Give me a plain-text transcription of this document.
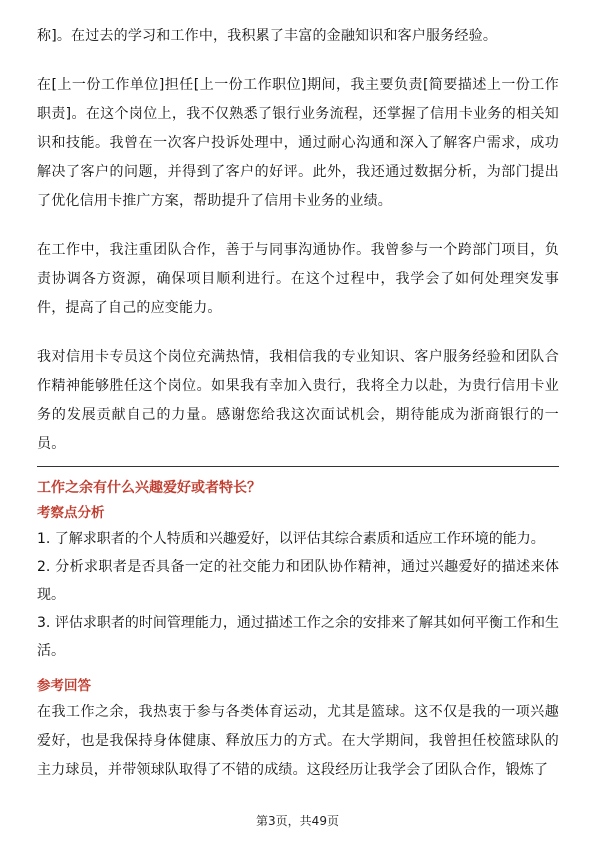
称]。在过去的学习和工作中，我积累了丰富的金融知识和客户服务经验。

在[上一份工作单位]担任[上一份工作职位]期间，我主要负责[简要描述上一份工作职责]。在这个岗位上，我不仅熟悉了银行业务流程，还掌握了信用卡业务的相关知识和技能。我曾在一次客户投诉处理中，通过耐心沟通和深入了解客户需求，成功解决了客户的问题，并得到了客户的好评。此外，我还通过数据分析，为部门提出了优化信用卡推广方案，帮助提升了信用卡业务的业绩。

在工作中，我注重团队合作，善于与同事沟通协作。我曾参与一个跨部门项目，负责协调各方资源，确保项目顺利进行。在这个过程中，我学会了如何处理突发事件，提高了自己的应变能力。

我对信用卡专员这个岗位充满热情，我相信我的专业知识、客户服务经验和团队合作精神能够胜任这个岗位。如果我有幸加入贵行，我将全力以赴，为贵行信用卡业务的发展贡献自己的力量。感谢您给我这次面试机会，期待能成为浙商银行的一员。

工作之余有什么兴趣爱好或者特长？

考察点分析

1. 了解求职者的个人特质和兴趣爱好，以评估其综合素质和适应工作环境的能力。

2. 分析求职者是否具备一定的社交能力和团队协作精神，通过兴趣爱好的描述来体现。

3. 评估求职者的时间管理能力，通过描述工作之余的安排来了解其如何平衡工作和生活。

参考回答

在我工作之余，我热衷于参与各类体育运动，尤其是篮球。这不仅是我的一项兴趣爱好，也是我保持身体健康、释放压力的方式。在大学期间，我曾担任校篮球队的主力球员，并带领球队取得了不错的成绩。这段经历让我学会了团队合作，锻炼了

第3页，共49页
